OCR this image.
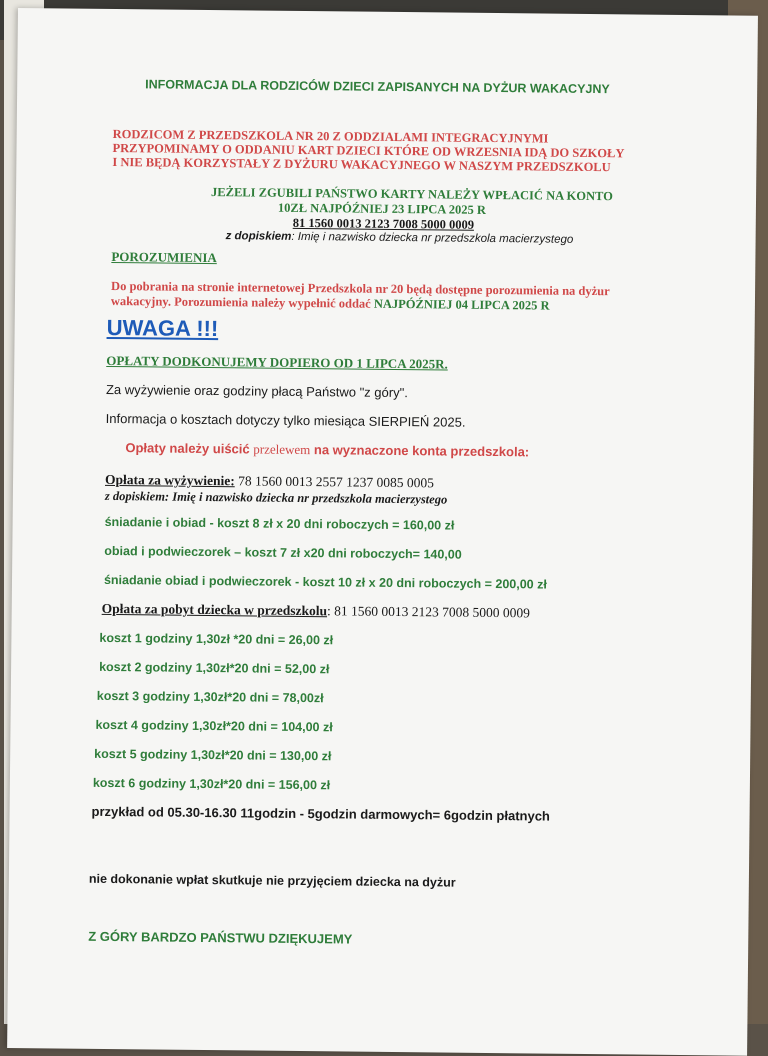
INFORMACJA DLA RODZICÓW DZIECI ZAPISANYCH NA DYŻUR WAKACYJNY
RODZICOM Z PRZEDSZKOLA NR 20 Z ODDZIALAMI INTEGRACYJNYMI
PRZYPOMINAMY O ODDANIU KART DZIECI KTÓRE OD WRZESNIA IDĄ DO SZKOŁY
I NIE BĘDĄ KORZYSTAŁY Z DYŻURU WAKACYJNEGO W NASZYM PRZEDSZKOLU
JEŻELI ZGUBILI PAŃSTWO KARTY NALEŻY WPŁACIĆ NA KONTO
10ZŁ NAJPÓŹNIEJ 23 LIPCA 2025 R
81 1560 0013 2123 7008 5000 0009
z dopiskiem: Imię i nazwisko dziecka nr przedszkola macierzystego
POROZUMIENIA
Do pobrania na stronie internetowej Przedszkola nr 20 będą dostępne porozumienia na dyżur
wakacyjny. Porozumienia należy wypełnić oddać NAJPÓŹNIEJ 04 LIPCA 2025 R
UWAGA !!!
OPŁATY DODKONUJEMY DOPIERO OD 1 LIPCA 2025R.
Za wyżywienie oraz godziny płacą Państwo "z góry".
Informacja o kosztach dotyczy tylko miesiąca SIERPIEŃ 2025.
Opłaty należy uiścić przelewem na wyznaczone konta przedszkola:
Opłata za wyżywienie: 78 1560 0013 2557 1237 0085 0005
z dopiskiem: Imię i nazwisko dziecka nr przedszkola macierzystego
śniadanie i obiad - koszt 8 zł x 20 dni roboczych = 160,00 zł
obiad i podwieczorek – koszt 7 zł x20 dni roboczych= 140,00
śniadanie obiad i podwieczorek - koszt 10 zł x 20 dni roboczych = 200,00 zł
Opłata za pobyt dziecka w przedszkolu: 81 1560 0013 2123 7008 5000 0009
koszt 1 godziny 1,30zł *20 dni = 26,00 zł
koszt 2 godziny 1,30zł*20 dni = 52,00 zł
koszt 3 godziny 1,30zł*20 dni = 78,00zł
koszt 4 godziny 1,30zł*20 dni = 104,00 zł
koszt 5 godziny 1,30zł*20 dni = 130,00 zł
koszt 6 godziny 1,30zł*20 dni = 156,00 zł
przykład od 05.30-16.30 11godzin - 5godzin darmowych= 6godzin płatnych
nie dokonanie wpłat skutkuje nie przyjęciem dziecka na dyżur
Z GÓRY BARDZO PAŃSTWU DZIĘKUJEMY
